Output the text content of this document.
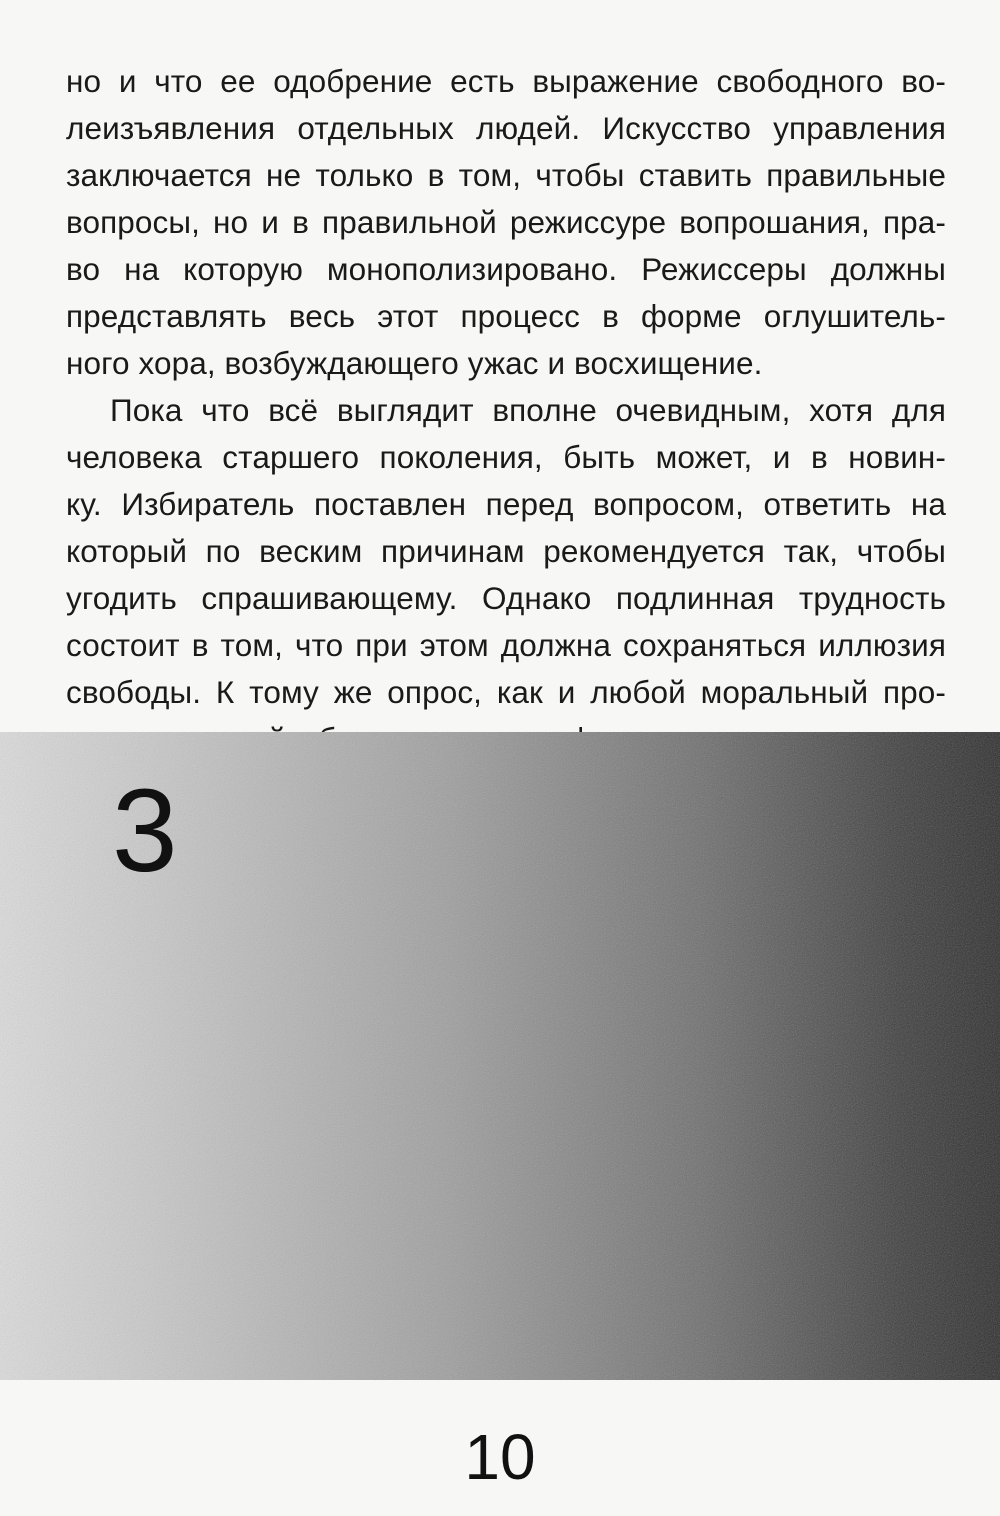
но и что ее одобрение есть выражение свободного во-
леизъявления отдельных людей. Искусство управления
заключается не только в том, чтобы ставить правильные
вопросы, но и в правильной режиссуре вопрошания, пра-
во на которую монополизировано. Режиссеры должны
представлять весь этот процесс в форме оглушитель-
ного хора, возбуждающего ужас и восхищение.
Пока что всё выглядит вполне очевидным, хотя для
человека старшего поколения, быть может, и в новин-
ку. Избиратель поставлен перед вопросом, ответить на
который по веским причинам рекомендуется так, чтобы
угодить спрашивающему. Однако подлинная трудность
состоит в том, что при этом должна сохраняться иллюзия
свободы. К тому же опрос, как и любой моральный про-
3
10
